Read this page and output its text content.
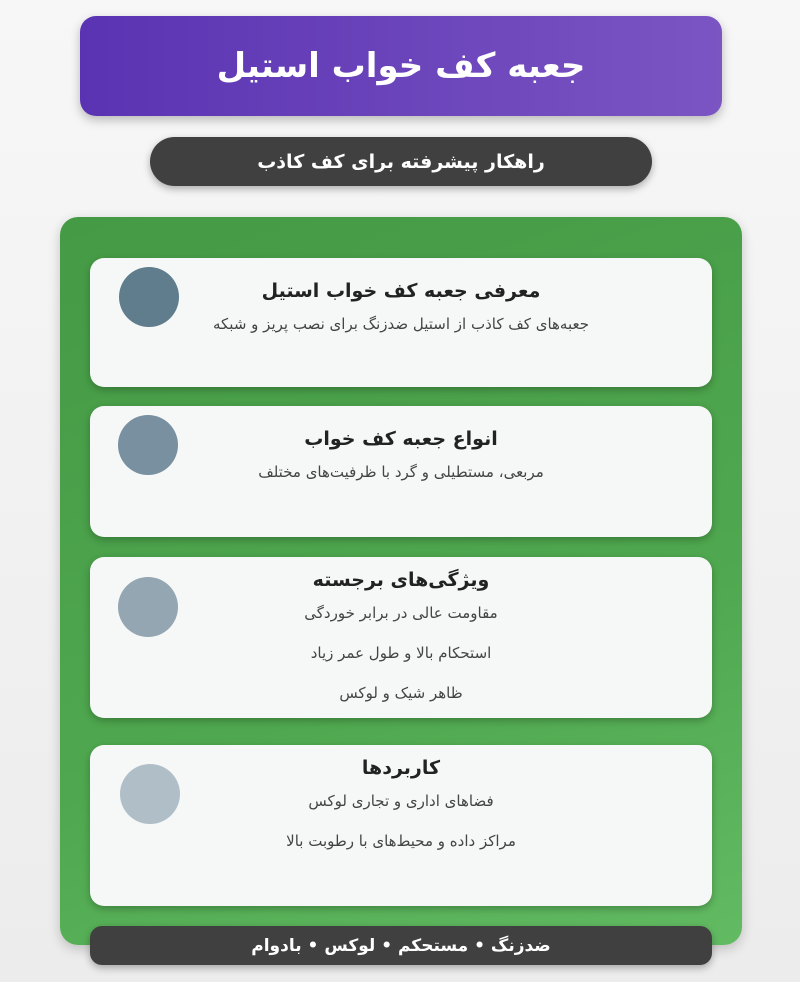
جعبه کف خواب استیل
راهکار پیشرفته برای کف کاذب
معرفی جعبه کف خواب استیل
جعبه‌های کف کاذب از استیل ضدزنگ برای نصب پریز و شبکه
انواع جعبه کف خواب
مربعی، مستطیلی و گرد با ظرفیت‌های مختلف
ویژگی‌های برجسته
مقاومت عالی در برابر خوردگی
استحکام بالا و طول عمر زیاد
ظاهر شیک و لوکس
کاربردها
فضاهای اداری و تجاری لوکس
مراکز داده و محیط‌های با رطوبت بالا
ضدزنگ • مستحکم • لوکس • بادوام
